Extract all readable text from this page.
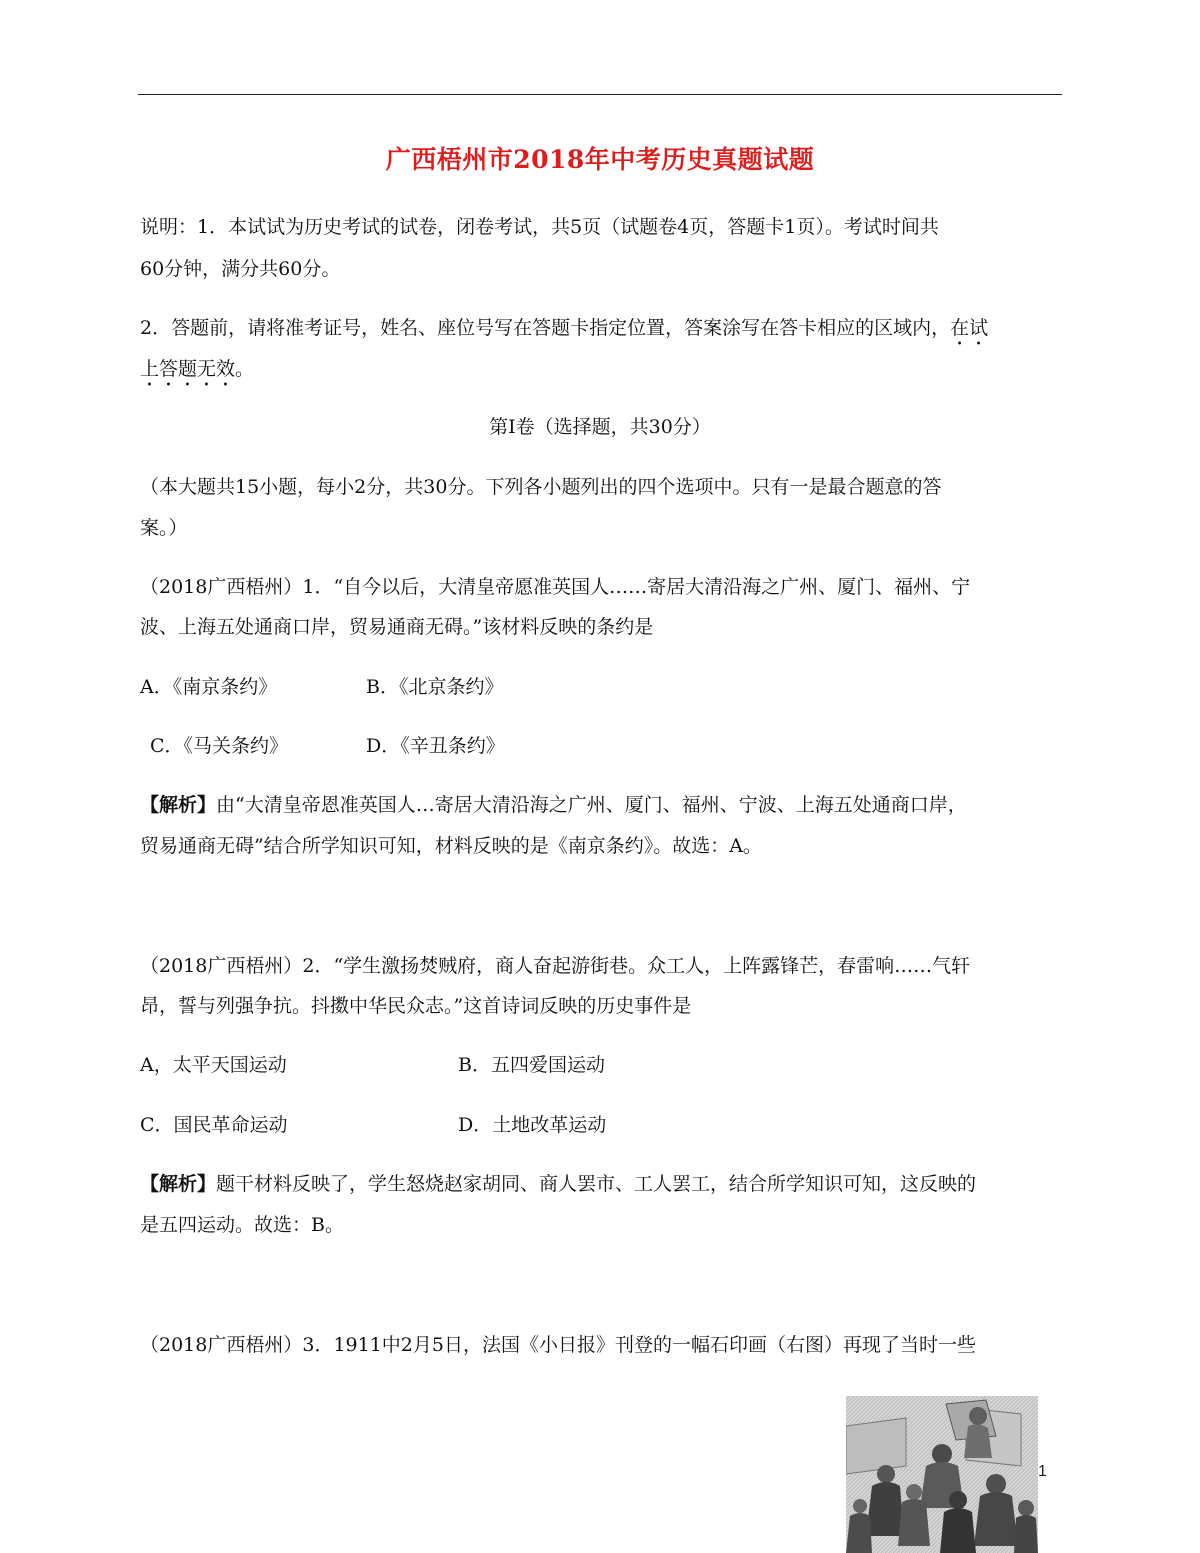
广西梧州市2018年中考历史真题试题
说明：1．本试试为历史考试的试卷，闭卷考试，共5页（试题卷4页，答题卡1页）。考试时间共
60分钟，满分共60分。
2．答题前，请将准考证号，姓名、座位号写在答题卡指定位置，答案涂写在答卡相应的区域内，在试
上答题无效。
第Ⅰ卷（选择题，共30分）
（本大题共15小题，每小2分，共30分。下列各小题列出的四个选项中。只有一是最合题意的答
案。）
（2018广西梧州）1．“自今以后，大清皇帝愿准英国人……寄居大清沿海之广州、厦门、福州、宁
波、上海五处通商口岸，贸易通商无碍。”该材料反映的条约是
A．《南京条约》	B．《北京条约》
C．《马关条约》	D．《辛丑条约》
【解析】由“大清皇帝恩准英国人…寄居大清沿海之广州、厦门、福州、宁波、上海五处通商口岸，
贸易通商无碍”结合所学知识可知，材料反映的是《南京条约》。故选：A。
（2018广西梧州）2．“学生激扬焚贼府，商人奋起游街巷。众工人，上阵露锋芒，春雷响……气轩
昂，誓与列强争抗。抖擞中华民众志。”这首诗词反映的历史事件是
A，太平天国运动	B．五四爱国运动
C．国民革命运动	D．土地改革运动
【解析】题干材料反映了，学生怒烧赵家胡同、商人罢市、工人罢工，结合所学知识可知，这反映的
是五四运动。故选：B。
（2018广西梧州）3．1911中2月5日，法国《小日报》刊登的一幅石印画（右图）再现了当时一些
1
